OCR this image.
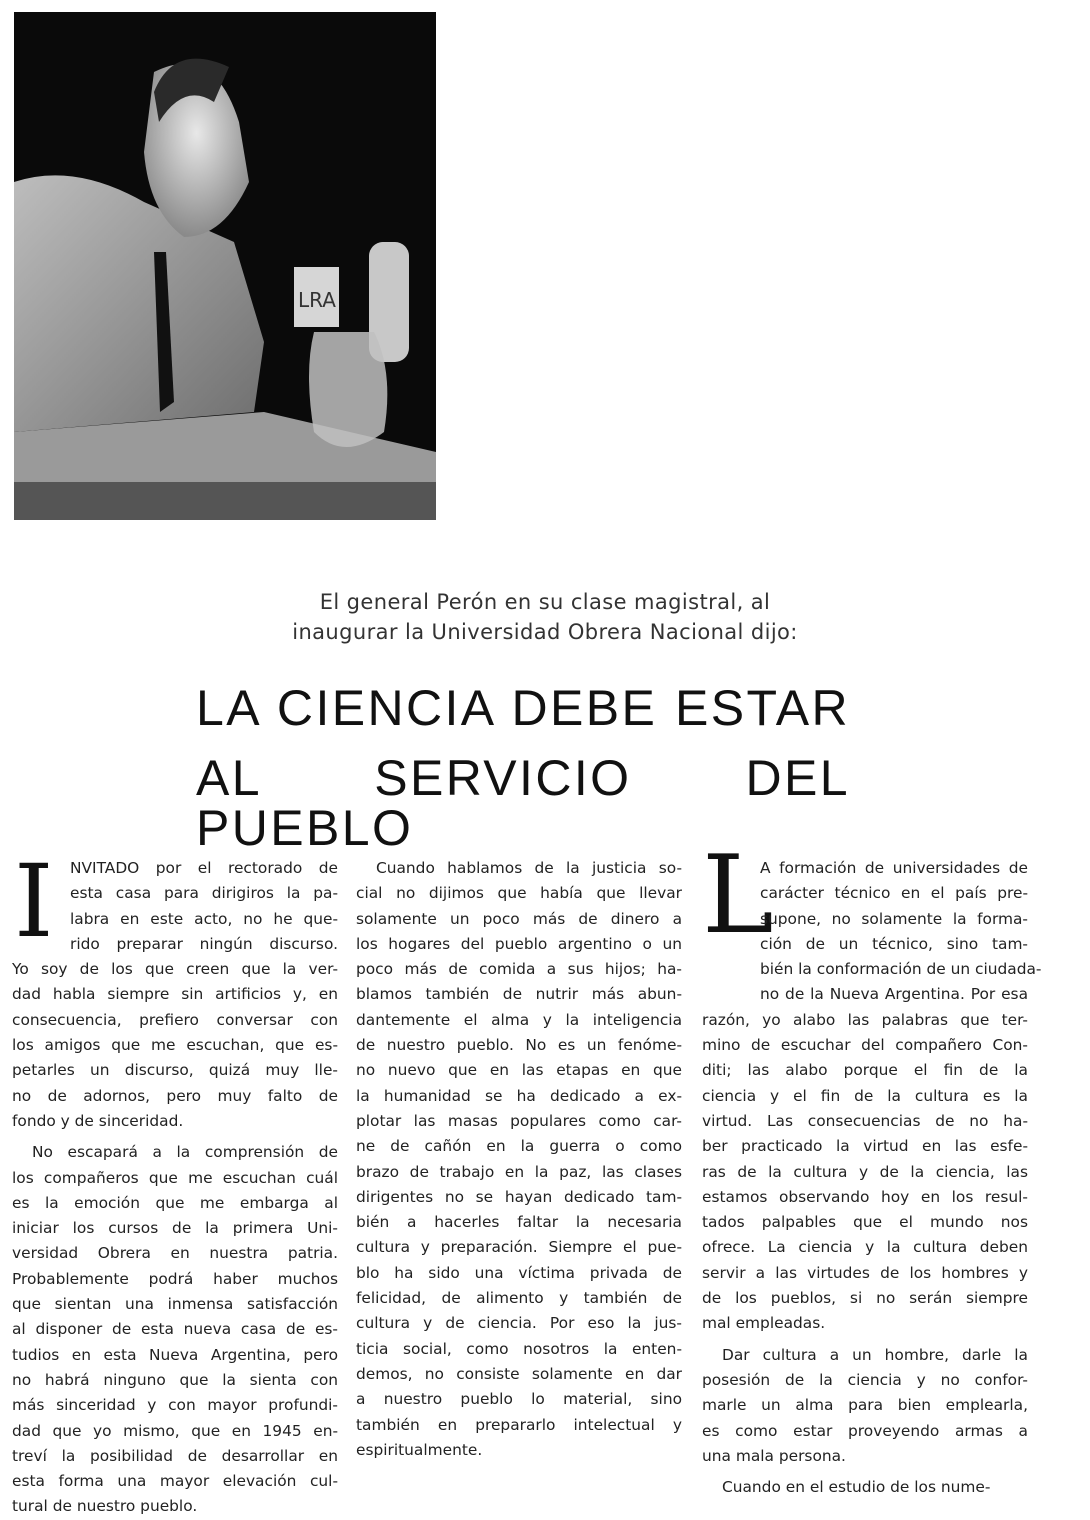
LRA
El general Perón en su clase magistral, al
inaugurar la Universidad Obrera Nacional dijo:
LA CIENCIA DEBE ESTAR
AL SERVICIO DEL PUEBLO
I	NVITADO por el rectorado de
esta casa para dirigiros la pa-
labra en este acto, no he que-
rido preparar ningún discurso.
Yo soy de los que creen que la ver-
dad habla siempre sin artificios y, en
consecuencia, prefiero conversar con
los amigos que me escuchan, que es-
petarles un discurso, quizá muy lle-
no de adornos, pero muy falto de
fondo y de sinceridad.
No escapará a la comprensión de
los compañeros que me escuchan cuál
es la emoción que me embarga al
iniciar los cursos de la primera Uni-
versidad Obrera en nuestra patria.
Probablemente podrá haber muchos
que sientan una inmensa satisfacción
al disponer de esta nueva casa de es-
tudios en esta Nueva Argentina, pero
no habrá ninguno que la sienta con
más sinceridad y con mayor profundi-
dad que yo mismo, que en 1945 en-
treví la posibilidad de desarrollar en
esta forma una mayor elevación cul-
tural de nuestro pueblo.
Cuando hablamos de la justicia so-
cial no dijimos que había que llevar
solamente un poco más de dinero a
los hogares del pueblo argentino o un
poco más de comida a sus hijos; ha-
blamos también de nutrir más abun-
dantemente el alma y la inteligencia
de nuestro pueblo. No es un fenóme-
no nuevo que en las etapas en que
la humanidad se ha dedicado a ex-
plotar las masas populares como car-
ne de cañón en la guerra o como
brazo de trabajo en la paz, las clases
dirigentes no se hayan dedicado tam-
bién a hacerles faltar la necesaria
cultura y preparación. Siempre el pue-
blo ha sido una víctima privada de
felicidad, de alimento y también de
cultura y de ciencia. Por eso la jus-
ticia social, como nosotros la enten-
demos, no consiste solamente en dar
a nuestro pueblo lo material, sino
también en prepararlo intelectual y
espiritualmente.
L
A formación de universidades de
carácter técnico en el país pre-
supone, no solamente la forma-
ción de un técnico, sino tam-
bién la conformación de un ciudada-
no de la Nueva Argentina. Por esa
razón, yo alabo las palabras que ter-
mino de escuchar del compañero Con-
diti; las alabo porque el fin de la
ciencia y el fin de la cultura es la
virtud. Las consecuencias de no ha-
ber practicado la virtud en las esfe-
ras de la cultura y de la ciencia, las
estamos observando hoy en los resul-
tados palpables que el mundo nos
ofrece. La ciencia y la cultura deben
servir a las virtudes de los hombres y
de los pueblos, si no serán siempre
mal empleadas.
Dar cultura a un hombre, darle la
posesión de la ciencia y no confor-
marle un alma para bien emplearla,
es como estar proveyendo armas a
una mala persona.
Cuando en el estudio de los nume-
